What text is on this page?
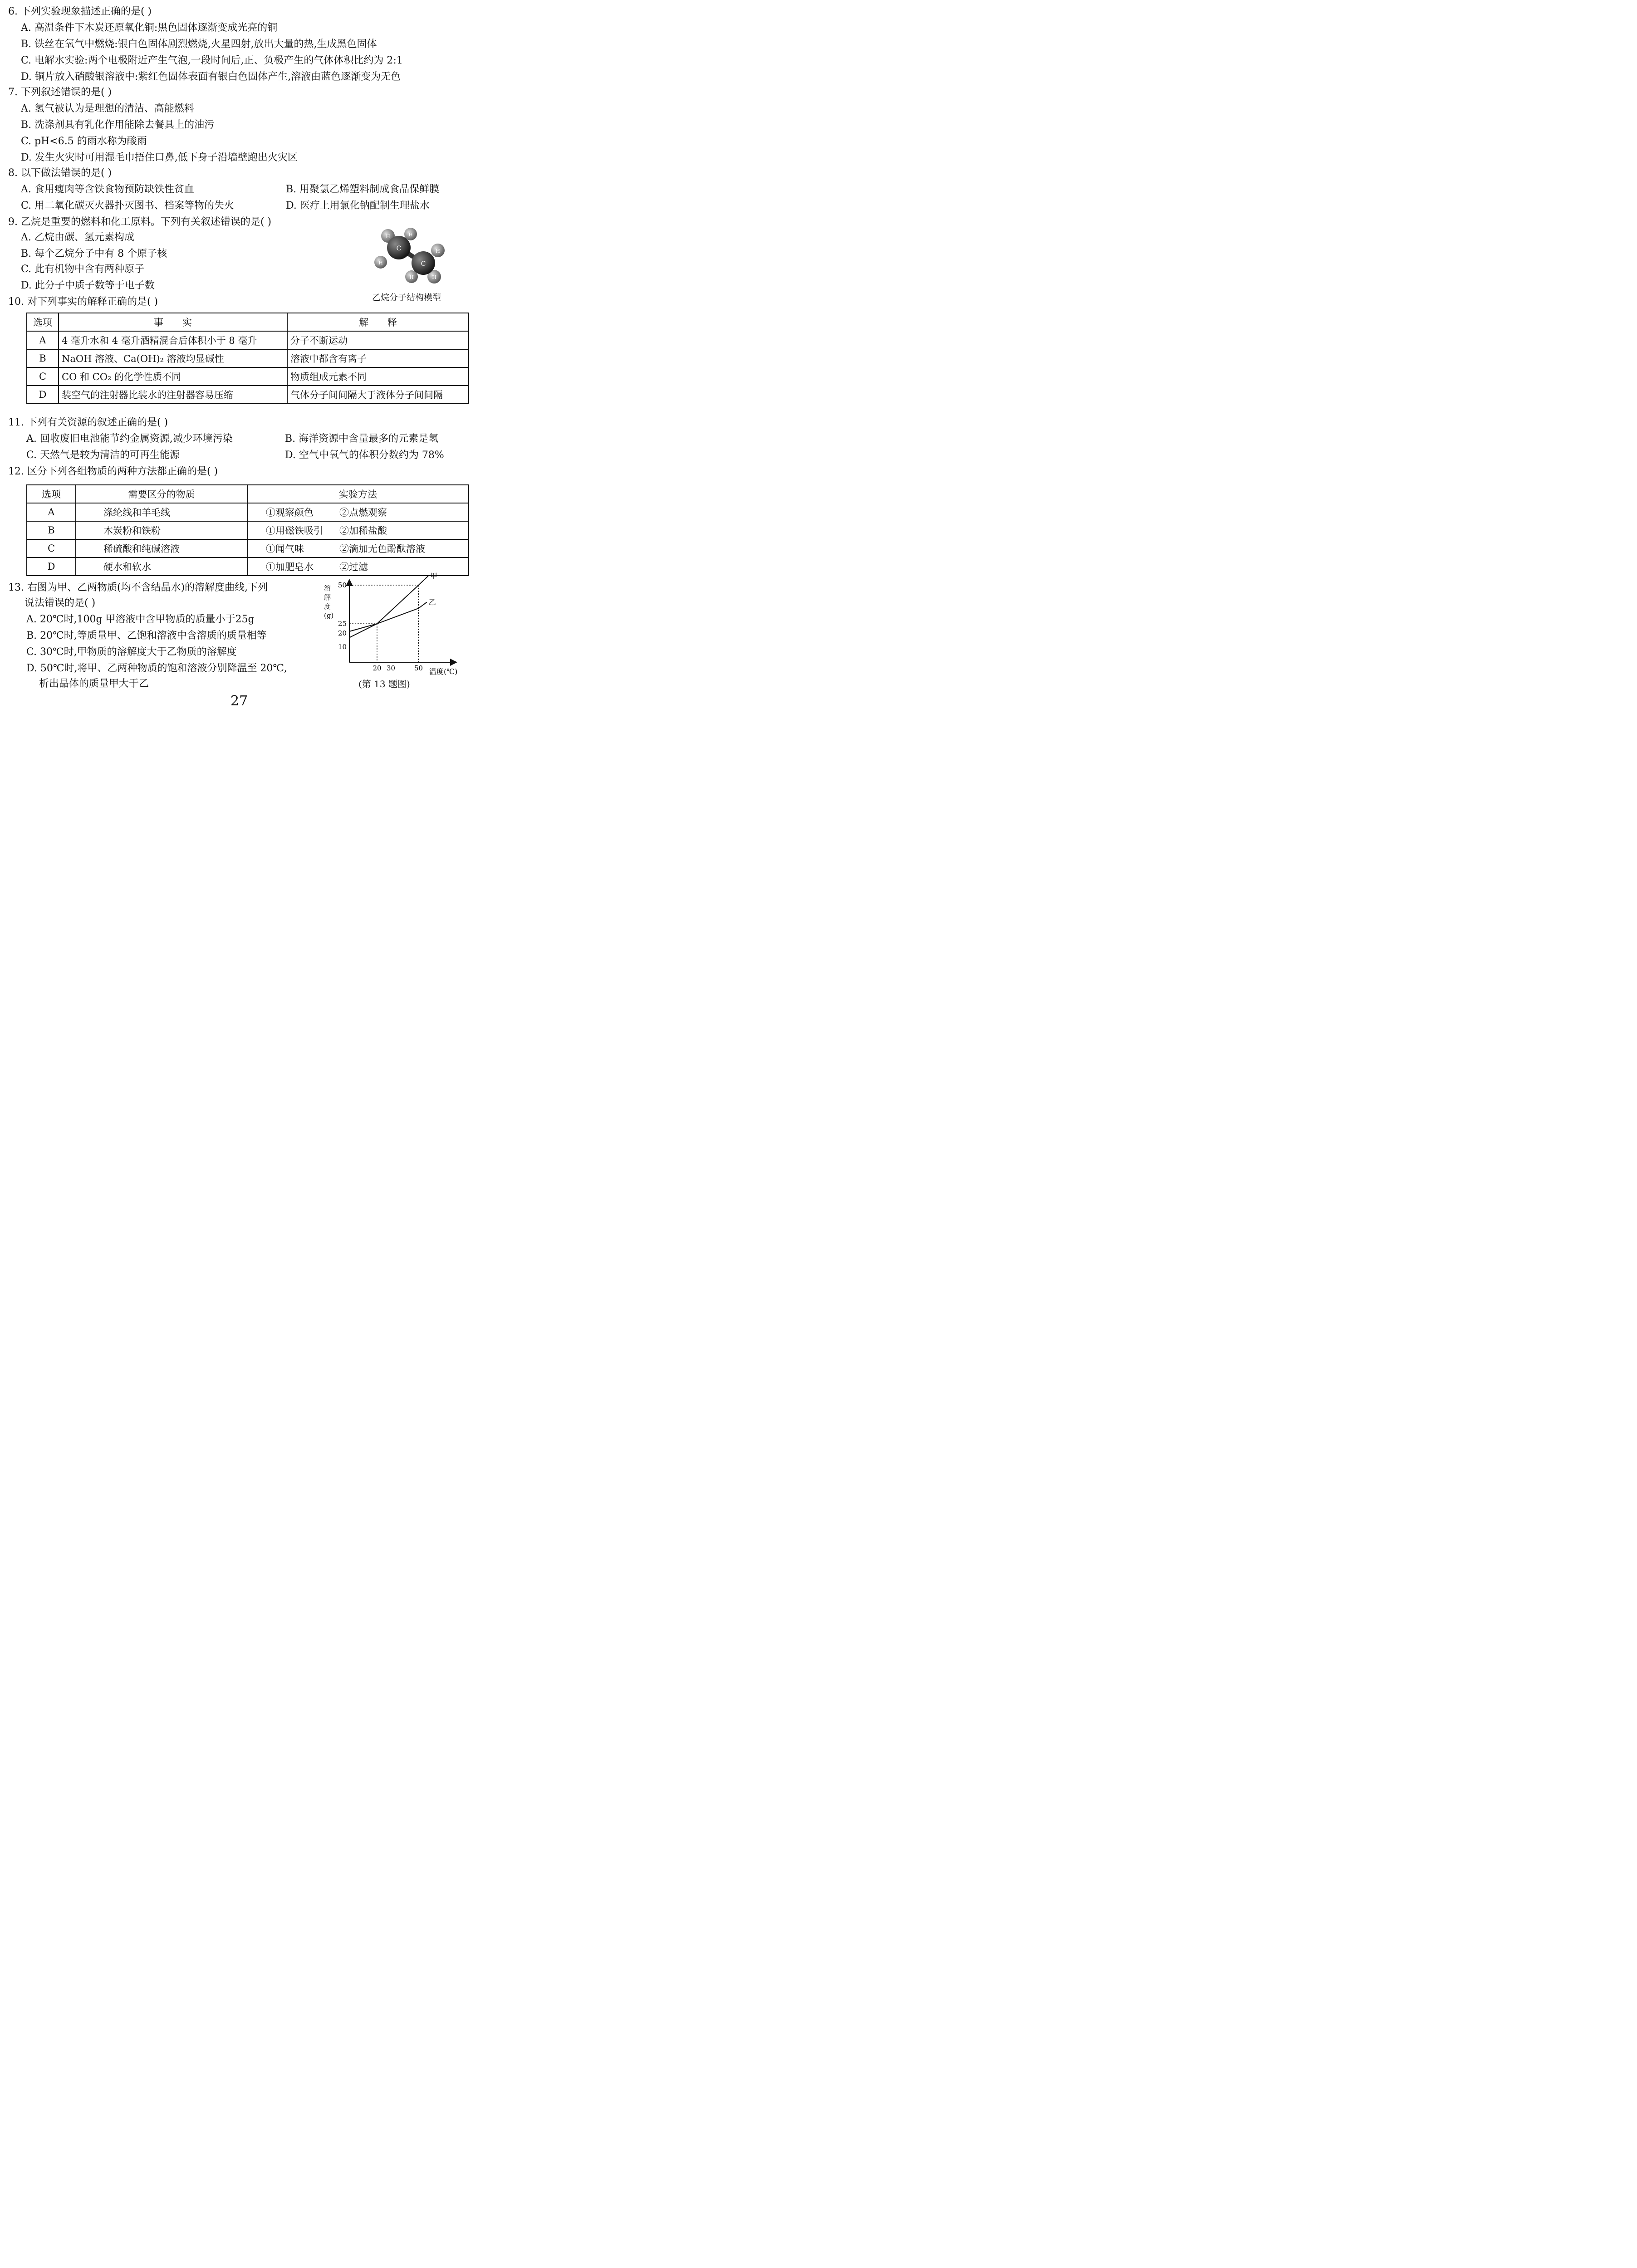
6. 下列实验现象描述正确的是( )
A. 高温条件下木炭还原氧化铜:黑色固体逐渐变成光亮的铜
B. 铁丝在氧气中燃烧:银白色固体剧烈燃烧,火星四射,放出大量的热,生成黑色固体
C. 电解水实验:两个电极附近产生气泡,一段时间后,正、负极产生的气体体积比约为 2:1
D. 铜片放入硝酸银溶液中:紫红色固体表面有银白色固体产生,溶液由蓝色逐渐变为无色
7. 下列叙述错误的是( )
A. 氢气被认为是理想的清洁、高能燃料
B. 洗涤剂具有乳化作用能除去餐具上的油污
C. pH<6.5 的雨水称为酸雨
D. 发生火灾时可用湿毛巾捂住口鼻,低下身子沿墙壁跑出火灾区
8. 以下做法错误的是( )
A. 食用瘦肉等含铁食物预防缺铁性贫血	B. 用聚氯乙烯塑料制成食品保鲜膜
C. 用二氧化碳灭火器扑灭图书、档案等物的失火	D. 医疗上用氯化钠配制生理盐水
9. 乙烷是重要的燃料和化工原料。下列有关叙述错误的是( )
A. 乙烷由碳、氢元素构成
B. 每个乙烷分子中有 8 个原子核
C. 此有机物中含有两种原子
D. 此分子中质子数等于电子数
C
C
H	H
H
H
H	H
乙烷分子结构模型
10. 对下列事实的解释正确的是( )
选项	事　　实	解　　释
A	4 毫升水和 4 毫升酒精混合后体积小于 8 毫升	分子不断运动
B	NaOH 溶液、Ca(OH)₂ 溶液均显碱性	溶液中都含有离子
C	CO 和 CO₂ 的化学性质不同	物质组成元素不同
D	装空气的注射器比装水的注射器容易压缩	气体分子间间隔大于液体分子间间隔
11. 下列有关资源的叙述正确的是( )
A. 回收废旧电池能节约金属资源,减少环境污染	B. 海洋资源中含量最多的元素是氢
C. 天然气是较为清洁的可再生能源	D. 空气中氧气的体积分数约为 78%
12. 区分下列各组物质的两种方法都正确的是( )
选项	需要区分的物质	实验方法	
A	涤纶线和羊毛线	①观察颜色	②点燃观察
B	木炭粉和铁粉	①用磁铁吸引	②加稀盐酸
C	稀硫酸和纯碱溶液	①闻气味	②滴加无色酚酞溶液
D	硬水和软水	①加肥皂水	②过滤
13. 右图为甲、乙两物质(均不含结晶水)的溶解度曲线,下列
说法错误的是( )
A. 20℃时,100g 甲溶液中含甲物质的质量小于25g
B. 20℃时,等质量甲、乙饱和溶液中含溶质的质量相等
C. 30℃时,甲物质的溶解度大于乙物质的溶解度
D. 50℃时,将甲、乙两种物质的饱和溶液分别降温至 20℃,
析出晶体的质量甲大于乙
溶
解
度
(g)
甲
乙
10
20
25
50
20 30	50 温度(℃)
(第 13 题图)
27
